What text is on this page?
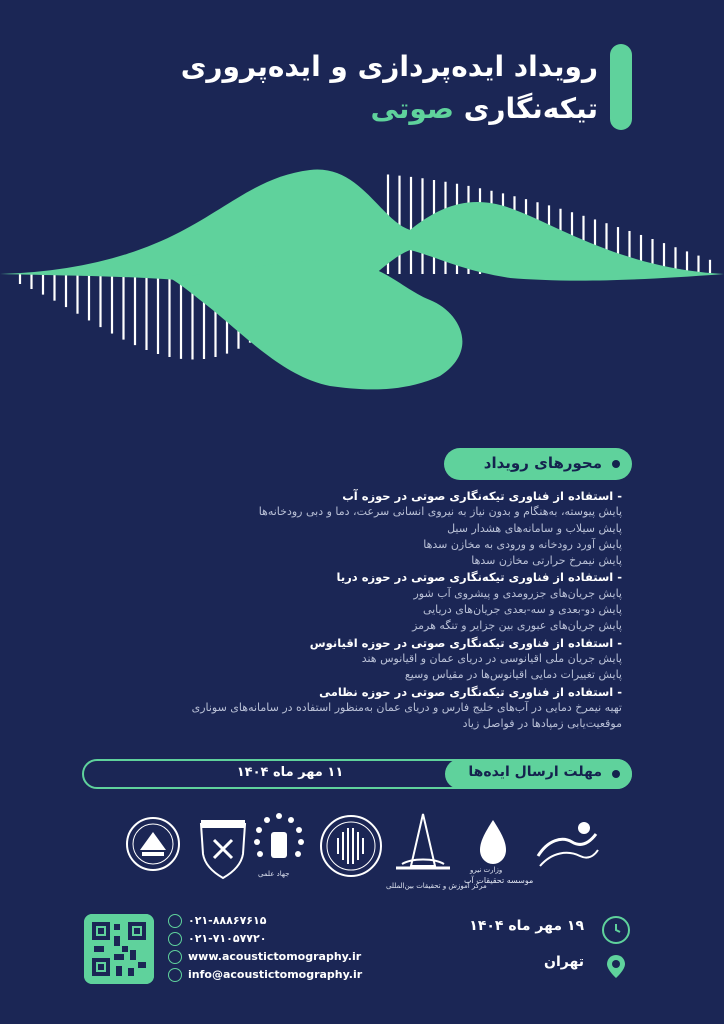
رویداد ایده‌پردازی و ایده‌پروری
تیکه‌نگاری صوتی
محورهای رویداد
- استفاده از فناوری تیکه‌نگاری صوتی در حوزه آب
پایش پیوسته، به‌هنگام و بدون نیاز به نیروی انسانی سرعت، دما و دبی رودخانه‌ها
پایش سیلاب و سامانه‌های هشدار سیل
پایش آورد رودخانه و ورودی به مخازن سدها
پایش نیمرخ حرارتی مخازن سدها
- استفاده از فناوری تیکه‌نگاری صوتی در حوزه دریا
پایش جریان‌های جزرومدی و پیشروی آب شور
پایش دو-بعدی و سه-بعدی جریان‌های دریایی
پایش جریان‌های عبوری بین جزایر و تنگه هرمز
- استفاده از فناوری تیکه‌نگاری صوتی در حوزه اقیانوس
پایش جریان ملی اقیانوسی در دریای عمان و اقیانوس هند
پایش تغییرات دمایی اقیانوس‌ها در مقیاس وسیع
- استفاده از فناوری تیکه‌نگاری صوتی در حوزه نظامی
تهیه نیمرخ دمایی در آب‌های خلیج فارس و دریای عمان به‌منظور استفاده در سامانه‌های سوناری
موقعیت‌یابی زمپادها در فواصل زیاد
مهلت ارسال ایده‌ها
۱۱ مهر ماه ۱۴۰۴
جهاد علمی
مرکز آموزش و تحقیقات بین‌المللی
وزارت نیرو
موسسه تحقیقات آب
۰۲۱-۸۸۸۶۷۶۱۵
۰۲۱-۷۱۰۵۷۷۲۰
www.acoustictomography.ir
info@acoustictomography.ir
۱۹ مهر ماه ۱۴۰۴
تهران
